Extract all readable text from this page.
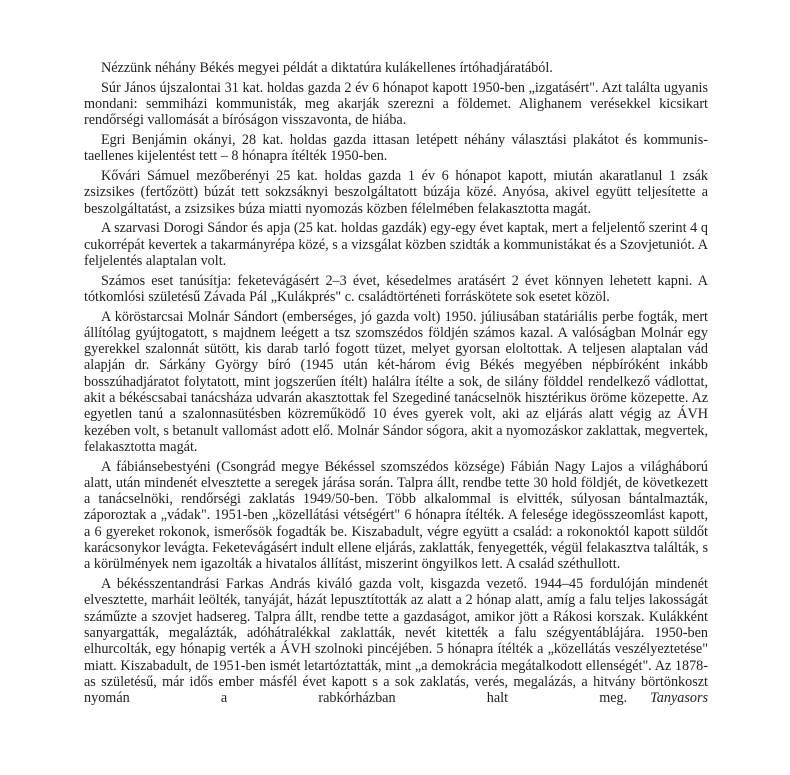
Nézzünk néhány Békés megyei példát a diktatúra kulákellenes írtóhadjáratából.

Súr János újszalontai 31 kat. holdas gazda 2 év 6 hónapot kapott 1950-ben „izgatásért". Azt találta ugyanis mondani: semmiházi kommunisták, meg akarják szerezni a földemet. Alighanem verésekkel kicsikart rendőrségi vallomását a bíróságon visszavonta, de hiába.

Egri Benjámin okányi, 28 kat. holdas gazda ittasan letépett néhány választási plakátot és kommunistaellenes kijelentést tett – 8 hónapra ítélték 1950-ben.

Kővári Sámuel mezőberényi 25 kat. holdas gazda 1 év 6 hónapot kapott, miután akaratlanul 1 zsák zsizsikes (fertőzött) búzát tett sokzsáknyi beszolgáltatott búzája közé. Anyósa, akivel együtt teljesítette a beszolgáltatást, a zsizsikes búza miatti nyomozás közben félelmében felakasztotta magát.

A szarvasi Dorogi Sándor és apja (25 kat. holdas gazdák) egy-egy évet kaptak, mert a feljelentő szerint 4 q cukorrépát kevertek a takarmányrépa közé, s a vizsgálat közben szidták a kommunistákat és a Szovjetuniót. A feljelentés alaptalan volt.

Számos eset tanúsítja: feketevágásért 2–3 évet, késedelmes aratásért 2 évet könnyen lehetett kapni. A tótkomlósi születésű Závada Pál „Kulákprés" c. családtörténeti forráskötete sok esetet közöl.

A köröstarcsai Molnár Sándort (emberséges, jó gazda volt) 1950. júliusában statáriális perbe fogták, mert állítólag gyújtogatott, s majdnem leégett a tsz szomszédos földjén számos kazal. A valóságban Molnár egy gyerekkel szalonnát sütött, kis darab tarló fogott tüzet, melyet gyorsan eloltottak. A teljesen alaptalan vád alapján dr. Sárkány György bíró (1945 után két-három évig Békés megyében népbíróként inkább bosszúhadjáratot folytatott, mint jogszerűen ítélt) halálra ítélte a sok, de silány földdel rendelkező vádlottat, akit a békéscsabai tanácsháza udvarán akasztottak fel Szegediné tanácselnök hisztérikus öröme közepette. Az egyetlen tanú a szalonnasütésben közreműködő 10 éves gyerek volt, aki az eljárás alatt végig az ÁVH kezében volt, s betanult vallomást adott elő. Molnár Sándor sógora, akit a nyomozáskor zaklattak, megvertek, felakasztotta magát.

A fábiánsebestyéni (Csongrád megye Békéssel szomszédos községe) Fábián Nagy Lajos a világháború alatt, után mindenét elvesztette a seregek járása során. Talpra állt, rendbe tette 30 hold földjét, de következett a tanácselnöki, rendőrségi zaklatás 1949/50-ben. Több alkalommal is elvitték, súlyosan bántalmazták, záporoztak a „vádak". 1951-ben „közellátási vétségért" 6 hónapra ítélték. A felesége idegösszeomlást kapott, a 6 gyereket rokonok, ismerősök fogadták be. Kiszabadult, végre együtt a család: a rokonoktól kapott süldőt karácsonykor levágta. Feketevágásért indult ellene eljárás, zaklatták, fenyegették, végül felakasztva találták, s a körülmények nem igazolták a hivatalos állítást, miszerint öngyilkos lett. A család széthullott.

A békésszentandrási Farkas András kiváló gazda volt, kisgazda vezető. 1944–45 fordulóján mindenét elvesztette, marháit leölték, tanyáját, házát lepusztították az alatt a 2 hónap alatt, amíg a falu teljes lakosságát száműzte a szovjet hadsereg. Talpra állt, rendbe tette a gazdaságot, amikor jött a Rákosi korszak. Kulákként sanyargatták, megalázták, adóhátralékkal zaklatták, nevét kitették a falu szégyentáblájára. 1950-ben elhurcolták, egy hónapig verték a ÁVH szolnoki pincéjében. 5 hónapra ítélték a „közellátás veszélyeztetése" miatt. Kiszabadult, de 1951-ben ismét letartóztatták, mint „a demokrácia megátalkodott ellenségét". Az 1878-as születésű, már idős ember másfél évet kapott s a sok zaklatás, verés, megalázás, a hitvány börtönkoszt nyomán a rabkórházban halt meg.	Tanyasors
